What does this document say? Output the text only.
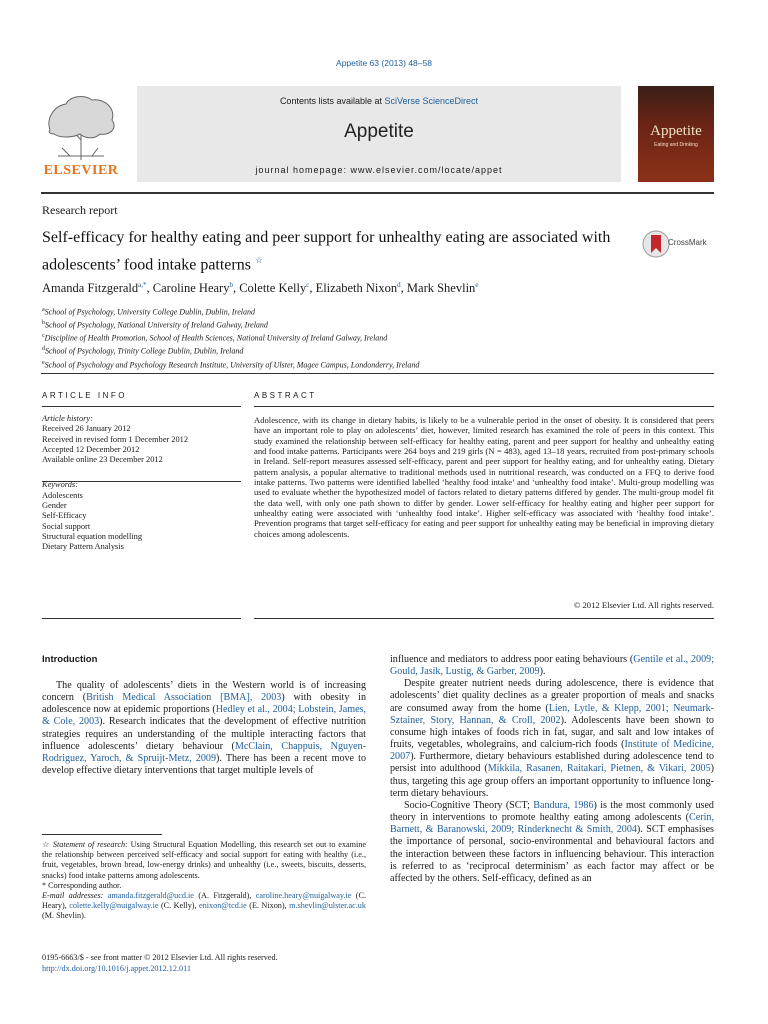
Appetite 63 (2013) 48–58
ELSEVIER
Contents lists available at SciVerse ScienceDirect
Appetite
journal homepage: www.elsevier.com/locate/appet
Appetite
Eating and Drinking
Research report
Self-efficacy for healthy eating and peer support for unhealthy eating are associated with adolescents’ food intake patterns ☆
CrossMark
Amanda Fitzgerald$^{a,*}$, Caroline Heary$^b$, Colette Kelly$^c$, Elizabeth Nixon$^d$, Mark Shevlin$^e$
$^a$School of Psychology, University College Dublin, Dublin, Ireland
$^b$School of Psychology, National University of Ireland Galway, Ireland
$^c$Discipline of Health Promotion, School of Health Sciences, National University of Ireland Galway, Ireland
$^d$School of Psychology, Trinity College Dublin, Dublin, Ireland
$^e$School of Psychology and Psychology Research Institute, University of Ulster, Magee Campus, Londonderry, Ireland
ARTICLE INFO	ABSTRACT
Article history:
Received 26 January 2012
Received in revised form 1 December 2012
Accepted 12 December 2012
Available online 23 December 2012
Keywords:
Adolescents
Gender
Self-Efficacy
Social support
Structural equation modelling
Dietary Pattern Analysis
Adolescence, with its change in dietary habits, is likely to be a vulnerable period in the onset of obesity. It is considered that peers have an important role to play on adolescents’ diet, however, limited research has examined the role of peers in this context. This study examined the relationship between self-efficacy for healthy eating, parent and peer support for healthy and unhealthy eating and food intake patterns. Participants were 264 boys and 219 girls (N = 483), aged 13–18 years, recruited from post-primary schools in Ireland. Self-report measures assessed self-efficacy, parent and peer support for healthy eating, and for unhealthy eating. Dietary pattern analysis, a popular alternative to traditional methods used in nutritional research, was conducted on a FFQ to derive food intake patterns. Two patterns were identified labelled ‘healthy food intake’ and ‘unhealthy food intake’. Multi-group modelling was used to evaluate whether the hypothesized model of factors related to dietary patterns differed by gender. The multi-group model fit the data well, with only one path shown to differ by gender. Lower self-efficacy for healthy eating and higher peer support for unhealthy eating were associated with ‘unhealthy food intake’. Higher self-efficacy was associated with ‘healthy food intake’. Prevention programs that target self-efficacy for eating and peer support for unhealthy eating may be beneficial in improving dietary choices among adolescents.
© 2012 Elsevier Ltd. All rights reserved.
Introduction

The quality of adolescents’ diets in the Western world is of increasing concern (British Medical Association [BMA], 2003) with obesity in adolescence now at epidemic proportions (Hedley et al., 2004; Lobstein, James, & Cole, 2003). Research indicates that the development of effective nutrition strategies requires an understanding of the multiple interacting factors that influence adolescents’ dietary behaviour (McClain, Chappuis, Nguyen-Rodriguez, Yaroch, & Spruijt-Metz, 2009). There has been a recent move to develop effective dietary interventions that target multiple levels of

influence and mediators to address poor eating behaviours (Gentile et al., 2009; Gould, Jasik, Lustig, & Garber, 2009).

Despite greater nutrient needs during adolescence, there is evidence that adolescents’ diet quality declines as a greater proportion of meals and snacks are consumed away from the home (Lien, Lytle, & Klepp, 2001; Neumark-Sztainer, Story, Hannan, & Croll, 2002). Adolescents have been shown to consume high intakes of foods rich in fat, sugar, and salt and low intakes of fruits, vegetables, wholegrains, and calcium-rich foods (Institute of Medicine, 2007). Furthermore, dietary behaviours established during adolescence tend to persist into adulthood (Mikkila, Rasanen, Raitakari, Pietnen, & Vikari, 2005) thus, targeting this age group offers an important opportunity to influence long-term dietary behaviours.

Socio-Cognitive Theory (SCT; Bandura, 1986) is the most commonly used theory in interventions to promote healthy eating among adolescents (Cerin, Barnett, & Baranowski, 2009; Rinderknecht & Smith, 2004). SCT emphasises the importance of personal, socio-environmental and behavioural factors and the interaction between these factors in influencing behaviour. This interaction is referred to as ‘reciprocal determinism’ as each factor may affect or be affected by the others. Self-efficacy, defined as an

☆ Statement of research: Using Structural Equation Modelling, this research set out to examine the relationship between perceived self-efficacy and social support for eating with healthy (i.e., fruit, vegetables, brown bread, low-energy drinks) and unhealthy (i.e., sweets, biscuits, desserts, snacks) food intake patterns among adolescents.

* Corresponding author.

E-mail addresses: amanda.fitzgerald@ucd.ie (A. Fitzgerald), caroline.heary@nuigalway.ie (C. Heary), colette.kelly@nuigalway.ie (C. Kelly), enixon@tcd.ie (E. Nixon), m.shevlin@ulster.ac.uk (M. Shevlin).

0195-6663/$ - see front matter © 2012 Elsevier Ltd. All rights reserved.
http://dx.doi.org/10.1016/j.appet.2012.12.011
